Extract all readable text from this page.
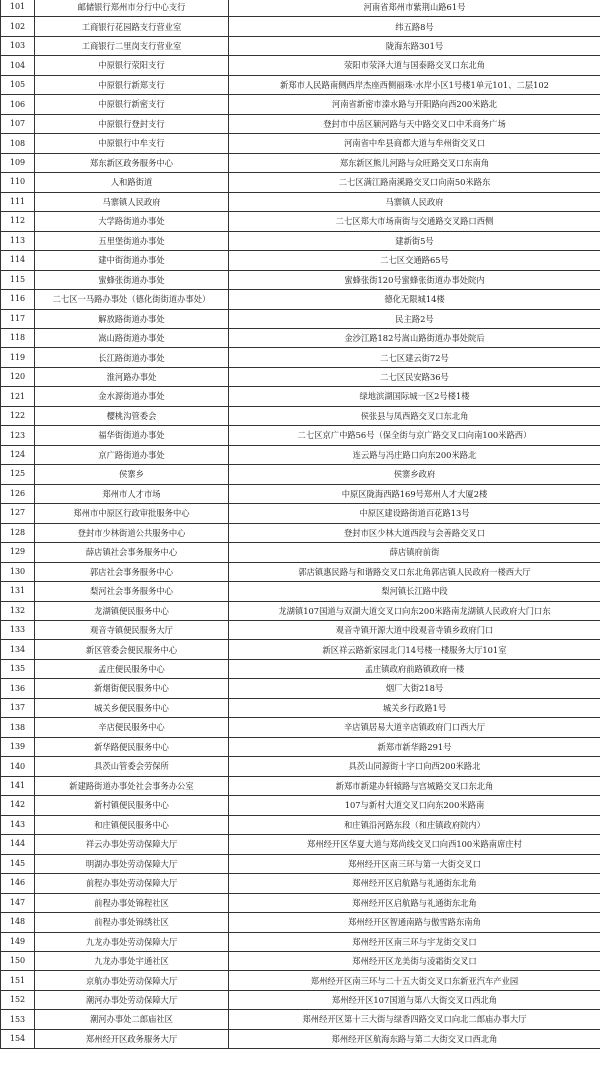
101	邮储银行郑州市分行中心支行	河南省郑州市紫荆山路61号
102	工商银行花园路支行营业室	纬五路8号
103	工商银行二里岗支行营业室	陇海东路301号
104	中原银行荥阳支行	荥阳市荥泽大道与国泰路交叉口东北角
105	中原银行新郑支行	新郑市人民路南侧西岸杰座西侧丽珠·水岸小区1号楼1单元101、二层102
106	中原银行新密支行	河南省新密市溱水路与开阳路向西200米路北
107	中原银行登封支行	登封市中岳区颖河路与天中路交叉口中禾商务广场
108	中原银行中牟支行	河南省中牟县商都大道与牟州街交叉口
109	郑东新区政务服务中心	郑东新区熊儿河路与众旺路交叉口东南角
110	人和路街道	二七区满江路南溪路交叉口向南50米路东
111	马寨镇人民政府	马寨镇人民政府
112	大学路街道办事处	二七区郑大市场南街与交通路交叉路口西侧
113	五里堡街道办事处	建新街5号
114	建中街街道办事处	二七区交通路65号
115	蜜蜂张街道办事处	蜜蜂张街120号蜜蜂张街道办事处院内
116	二七区一马路办事处（德化街街道办事处）	德化无限城14楼
117	解放路街道办事处	民主路2号
118	嵩山路街道办事处	金沙江路182号嵩山路街道办事处院后
119	长江路街道办事处	二七区建云街72号
120	淮河路办事处	二七区民安路36号
121	金水源街道办事处	绿地滨湖国际城一区2号楼1楼
122	樱桃沟管委会	侯张县与凤西路交叉口东北角
123	福华街街道办事处	二七区京广中路56号（保全街与京广路交叉口向南100米路西）
124	京广路街道办事处	连云路与冯庄路口向东200米路北
125	侯寨乡	侯寨乡政府
126	郑州市人才市场	中原区陇海西路169号郑州人才大厦2楼
127	郑州市中原区行政审批服务中心	中原区建设路街道百花路13号
128	登封市少林街道公共服务中心	登封市区少林大道西段与会善路交叉口
129	薛店镇社会事务服务中心	薛店镇府前街
130	郭店社会事务服务中心	郭店镇惠民路与和谐路交叉口东北角郭店镇人民政府一楼西大厅
131	梨河社会事务服务中心	梨河镇长江路中段
132	龙湖镇便民服务中心	龙湖镇107国道与双湖大道交叉口向东200米路南龙湖镇人民政府大门口东
133	观音寺镇便民服务大厅	观音寺镇开源大道中段观音寺镇乡政府门口
134	新区管委会便民服务中心	新区祥云路新家园北门14号楼一楼服务大厅101室
135	孟庄便民服务中心	孟庄镇政府前路镇政府一楼
136	新烟街便民服务中心	烟厂大街218号
137	城关乡便民服务中心	城关乡行政路1号
138	辛店便民服务中心	辛店镇居易大道辛店镇政府门口西大厅
139	新华路便民服务中心	新郑市新华路291号
140	具茨山管委会劳保所	具茨山同源街十字口向西200米路北
141	新建路街道办事处社会事务办公室	新郑市新建办轩辕路与宫城路交叉口东北角
142	新村镇便民服务中心	107与新村大道交叉口向东200米路南
143	和庄镇便民服务中心	和庄镇沿河路东段（和庄镇政府院内）
144	祥云办事处劳动保障大厅	郑州经开区华夏大道与郑尚线交叉口向西100米路南席庄村
145	明湖办事处劳动保障大厅	郑州经开区南三环与第一大街交叉口
146	前程办事处劳动保障大厅	郑州经开区启航路与礼通街东北角
147	前程办事处锦程社区	郑州经开区启航路与礼通街东北角
148	前程办事处锦绣社区	郑州经开区智通南路与傲雪路东南角
149	九龙办事处劳动保障大厅	郑州经开区南三环与宇龙街交叉口
150	九龙办事处宇通社区	郑州经开区龙美街与凌霜街交叉口
151	京航办事处劳动保障大厅	郑州经开区南三环与二十五大街交叉口东新亚汽车产业园
152	潮河办事处劳动保障大厅	郑州经开区107国道与第八大街交叉口西北角
153	潮河办事处二郎庙社区	郑州经开区第十三大街与绿香四路交叉口向北二郎庙办事大厅
154	郑州经开区政务服务大厅	郑州经开区航海东路与第二大街交叉口西北角
